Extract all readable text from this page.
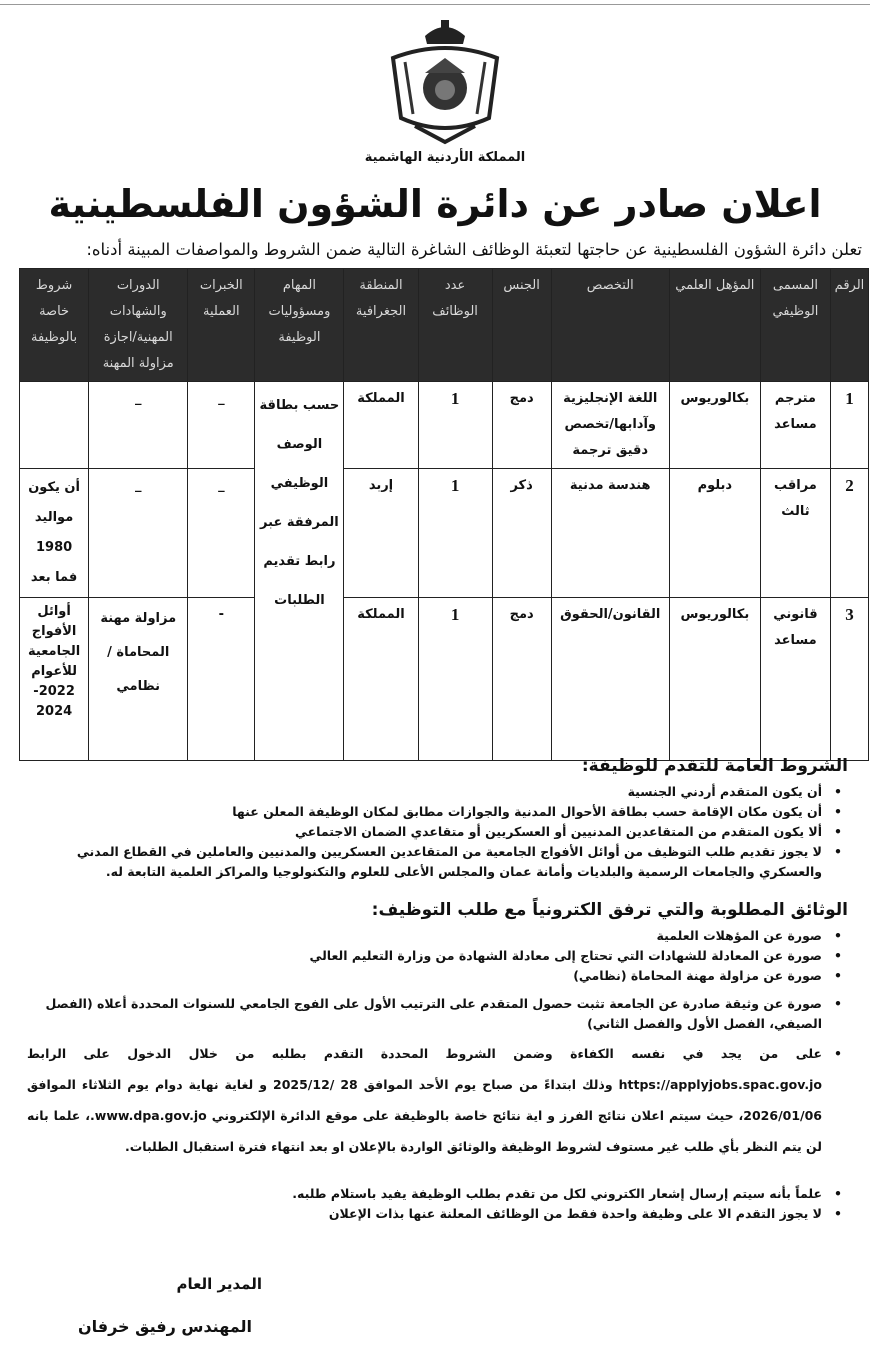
المملكة الأردنية الهاشمية
اعلان صادر عن دائرة الشؤون الفلسطينية
تعلن دائرة الشؤون الفلسطينية عن حاجتها لتعبئة الوظائف الشاغرة التالية ضمن الشروط والمواصفات المبينة أدناه:
الرقم	المسمى الوظيفي	المؤهل العلمي	التخصص	الجنس	عدد الوظائف	المنطقة الجغرافية	المهام ومسؤوليات الوظيفة	الخبرات العملية	الدورات والشهادات المهنية/اجازة مزاولة المهنة	شروط خاصة بالوظيفة
1	مترجم مساعد	بكالوريوس	اللغة الإنجليزية وآدابها/تخصص دقيق ترجمة	دمج	1	المملكة	حسب بطاقة الوصف الوظيفي المرفقة عبر رابط تقديم الطلبات	_	_	
2	مراقب ثالث	دبلوم	هندسة مدنية	ذكر	1	إربد		_	_	أن يكون مواليد 1980 فما بعد
3	قانوني مساعد	بكالوريوس	القانون/الحقوق	دمج	1	المملكة		-	مزاولة مهنة المحاماة /نظامي	أوائل الأفواج الجامعية للأعوام 2022-2024
الشروط العامة للتقدم للوظيفة:
• أن يكون المتقدم أردني الجنسية
• أن يكون مكان الإقامة حسب بطاقة الأحوال المدنية والجوازات مطابق لمكان الوظيفة المعلن عنها
• ألا يكون المتقدم من المتقاعدين المدنيين أو العسكريين أو متقاعدي الضمان الاجتماعي
• لا يجوز تقديم طلب التوظيف من أوائل الأفواج الجامعية من المتقاعدين العسكريين والمدنيين والعاملين في القطاع المدني والعسكري والجامعات الرسمية والبلديات وأمانة عمان والمجلس الأعلى للعلوم والتكنولوجيا والمراكز العلمية التابعة له.
الوثائق المطلوبة والتي ترفق الكترونياً مع طلب التوظيف:
• صورة عن المؤهلات العلمية
• صورة عن المعادلة للشهادات التي تحتاج إلى معادلة الشهادة من وزارة التعليم العالي
• صورة عن مزاولة مهنة المحاماة (نظامي)
• صورة عن وثيقة صادرة عن الجامعة تثبت حصول المتقدم على الترتيب الأول على الفوج الجامعي للسنوات المحددة أعلاه (الفصل الصيفي، الفصل الأول والفصل الثاني)
• على من يجد في نفسه الكفاءة وضمن الشروط المحددة التقدم بطلبه من خلال الدخول على الرابط https://applyjobs.spac.gov.jo وذلك ابتداءً من صباح يوم الأحد الموافق 28 /2025/12 و لغاية نهاية دوام يوم الثلاثاء الموافق 2026/01/06، حيث سيتم اعلان نتائج الفرز و اية نتائج خاصة بالوظيفة على موقع الدائرة الإلكتروني www.dpa.gov.jo.، علما بانه لن يتم النظر بأي طلب غير مستوف لشروط الوظيفة والوثائق الواردة بالإعلان او بعد انتهاء فترة استقبال الطلبات.
• علماً بأنه سيتم إرسال إشعار الكتروني لكل من تقدم بطلب الوظيفة يفيد باستلام طلبه.
• لا يجوز التقدم الا على وظيفة واحدة فقط من الوظائف المعلنة عنها بذات الإعلان
المدير العام
المهندس رفيق خرفان
